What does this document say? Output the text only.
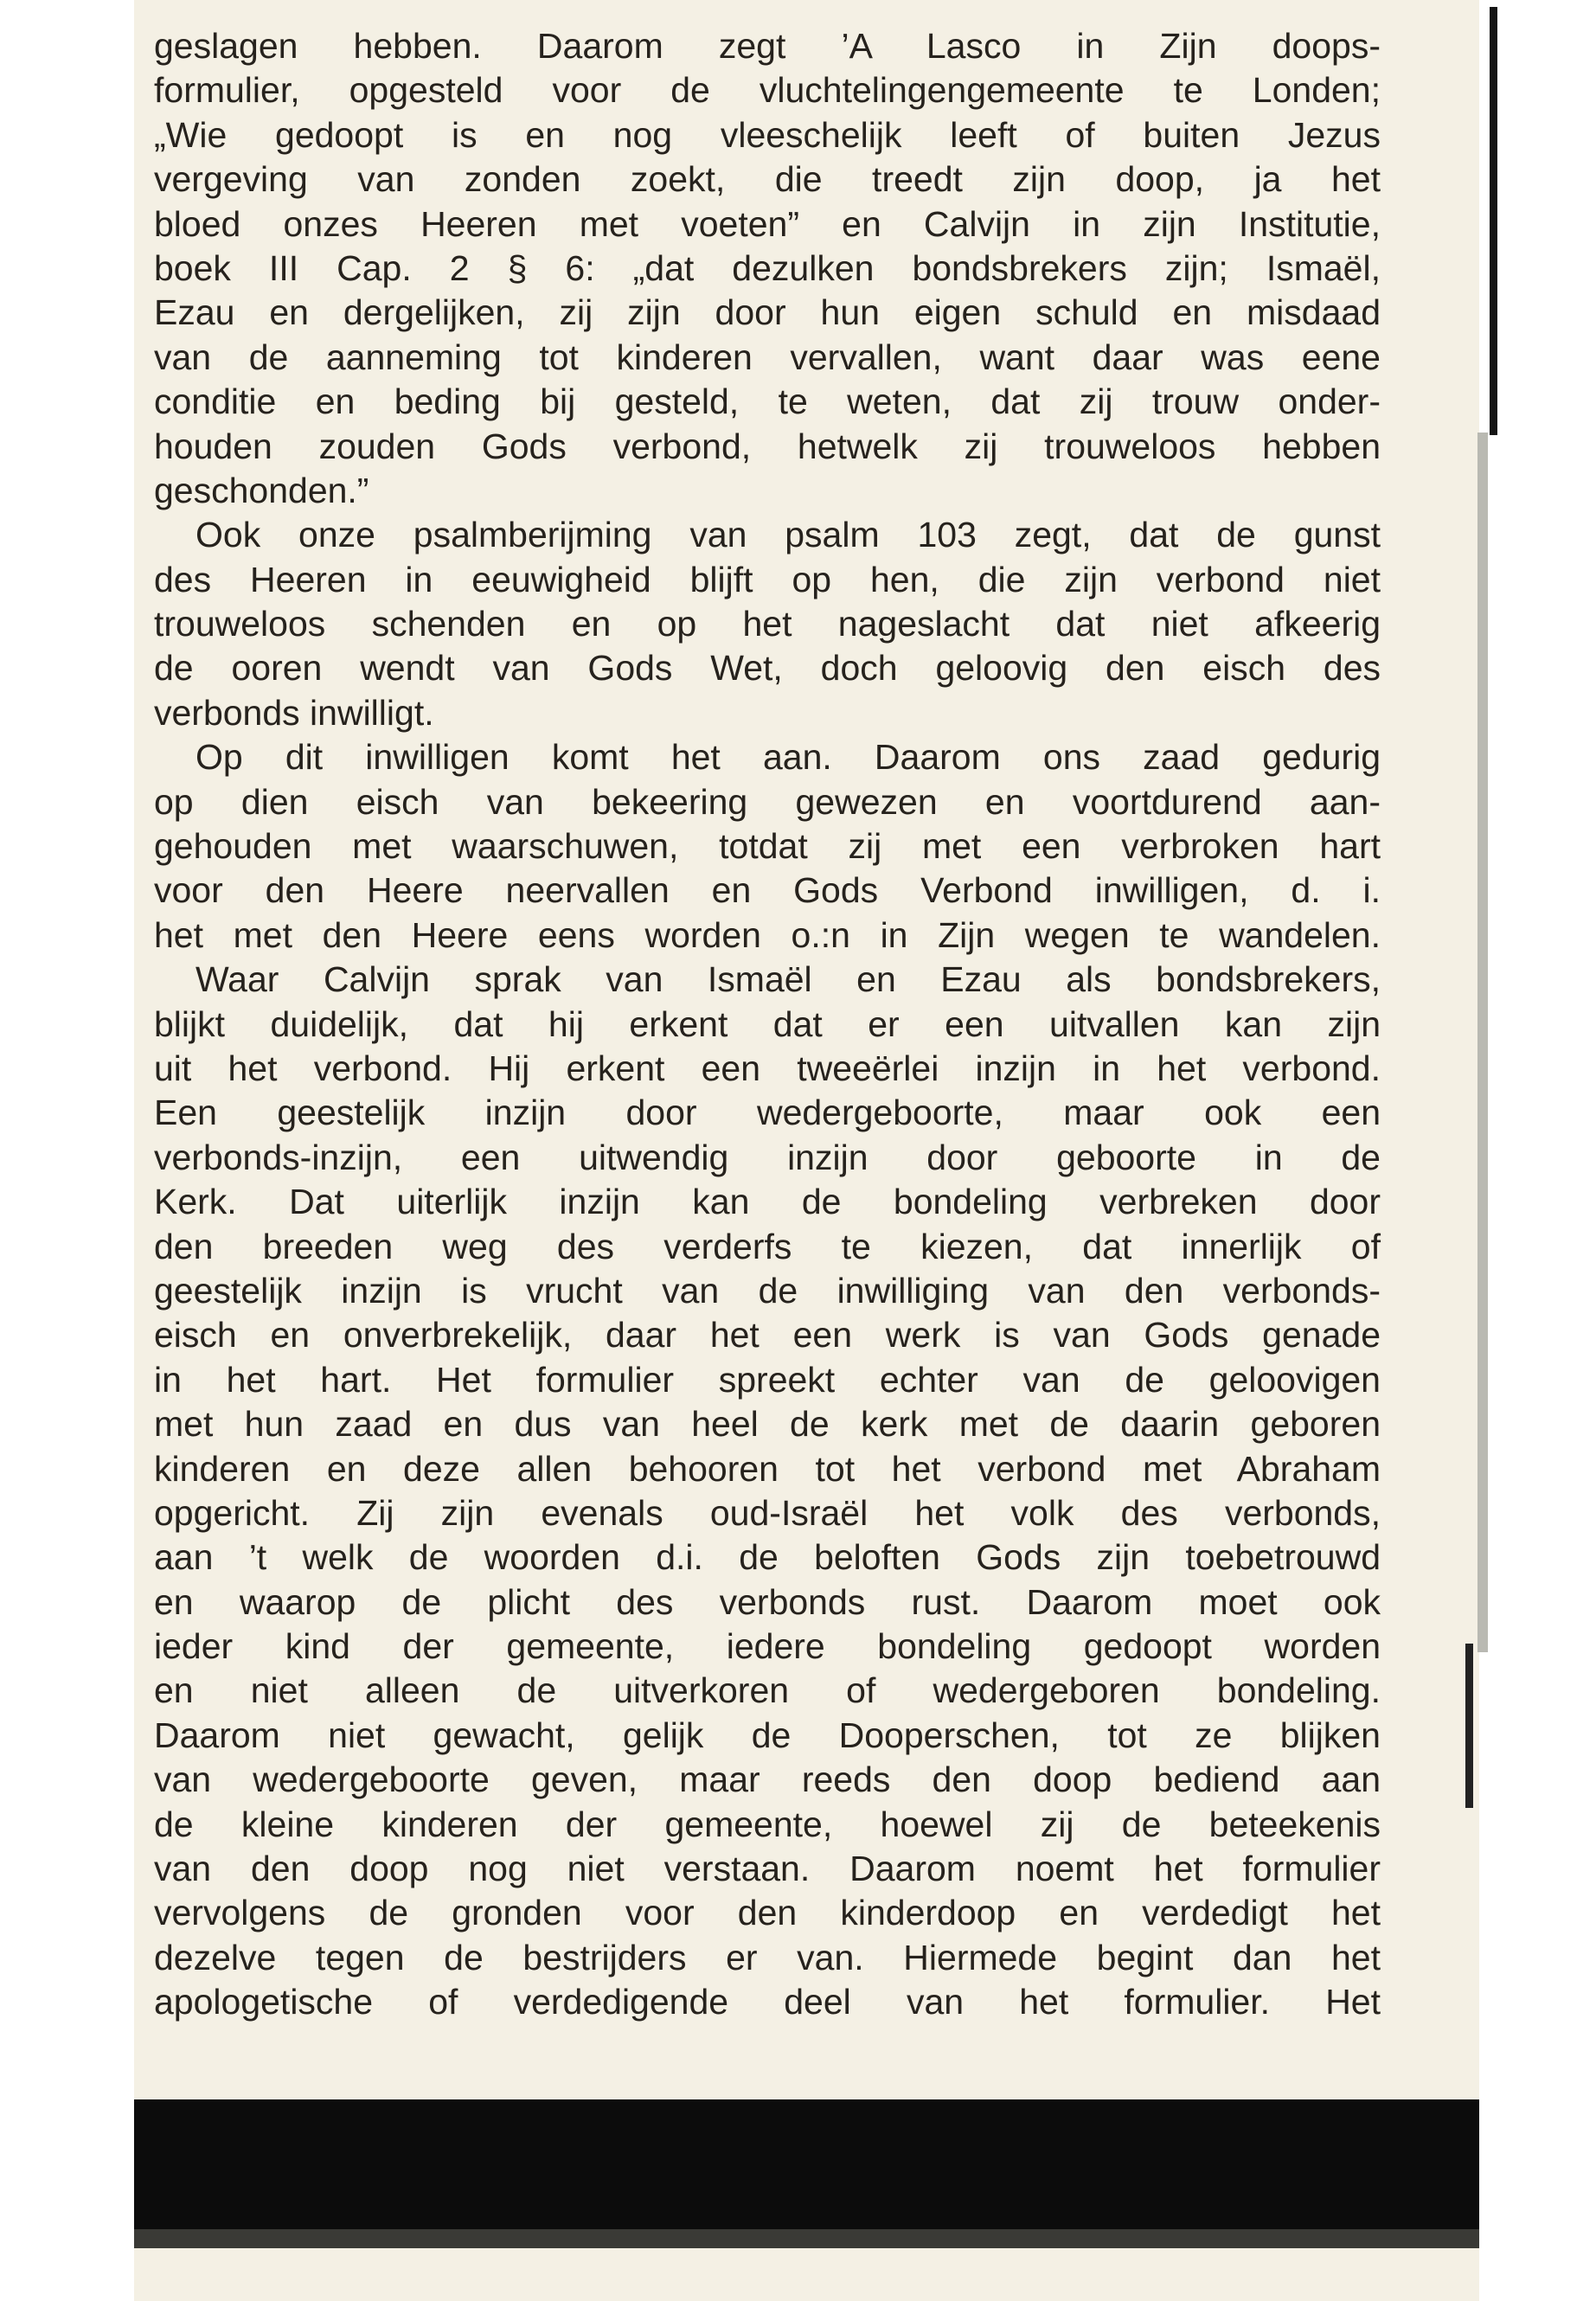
geslagen hebben. Daarom zegt ’A Lasco in Zijn doops-
formulier, opgesteld voor de vluchtelingengemeente te Londen;
„Wie gedoopt is en nog vleeschelijk leeft of buiten Jezus
vergeving van zonden zoekt, die treedt zijn doop, ja het
bloed onzes Heeren met voeten” en Calvijn in zijn Institutie,
boek III Cap. 2 § 6: „dat dezulken bondsbrekers zijn; Ismaël,
Ezau en dergelijken, zij zijn door hun eigen schuld en misdaad
van de aanneming tot kinderen vervallen, want daar was eene
conditie en beding bij gesteld, te weten, dat zij trouw onder-
houden zouden Gods verbond, hetwelk zij trouweloos hebben
geschonden.”
Ook onze psalmberijming van psalm 103 zegt, dat de gunst
des Heeren in eeuwigheid blijft op hen, die zijn verbond niet
trouweloos schenden en op het nageslacht dat niet afkeerig
de ooren wendt van Gods Wet, doch geloovig den eisch des
verbonds inwilligt.
Op dit inwilligen komt het aan. Daarom ons zaad gedurig
op dien eisch van bekeering gewezen en voortdurend aan-
gehouden met waarschuwen, totdat zij met een verbroken hart
voor den Heere neervallen en Gods Verbond inwilligen, d. i.
het met den Heere eens worden o.:n in Zijn wegen te wandelen.
Waar Calvijn sprak van Ismaël en Ezau als bondsbrekers,
blijkt duidelijk, dat hij erkent dat er een uitvallen kan zijn
uit het verbond. Hij erkent een tweeërlei inzijn in het verbond.
Een geestelijk inzijn door wedergeboorte, maar ook een
verbonds-inzijn, een uitwendig inzijn door geboorte in de
Kerk. Dat uiterlijk inzijn kan de bondeling verbreken door
den breeden weg des verderfs te kiezen, dat innerlijk of
geestelijk inzijn is vrucht van de inwilliging van den verbonds-
eisch en onverbrekelijk, daar het een werk is van Gods genade
in het hart. Het formulier spreekt echter van de geloovigen
met hun zaad en dus van heel de kerk met de daarin geboren
kinderen en deze allen behooren tot het verbond met Abraham
opgericht. Zij zijn evenals oud-Israël het volk des verbonds,
aan ’t welk de woorden d.i. de beloften Gods zijn toebetrouwd
en waarop de plicht des verbonds rust. Daarom moet ook
ieder kind der gemeente, iedere bondeling gedoopt worden
en niet alleen de uitverkoren of wedergeboren bondeling.
Daarom niet gewacht, gelijk de Dooperschen, tot ze blijken
van wedergeboorte geven, maar reeds den doop bediend aan
de kleine kinderen der gemeente, hoewel zij de beteekenis
van den doop nog niet verstaan. Daarom noemt het formulier
vervolgens de gronden voor den kinderdoop en verdedigt het
dezelve tegen de bestrijders er van. Hiermede begint dan het
apologetische of verdedigende deel van het formulier. Het
